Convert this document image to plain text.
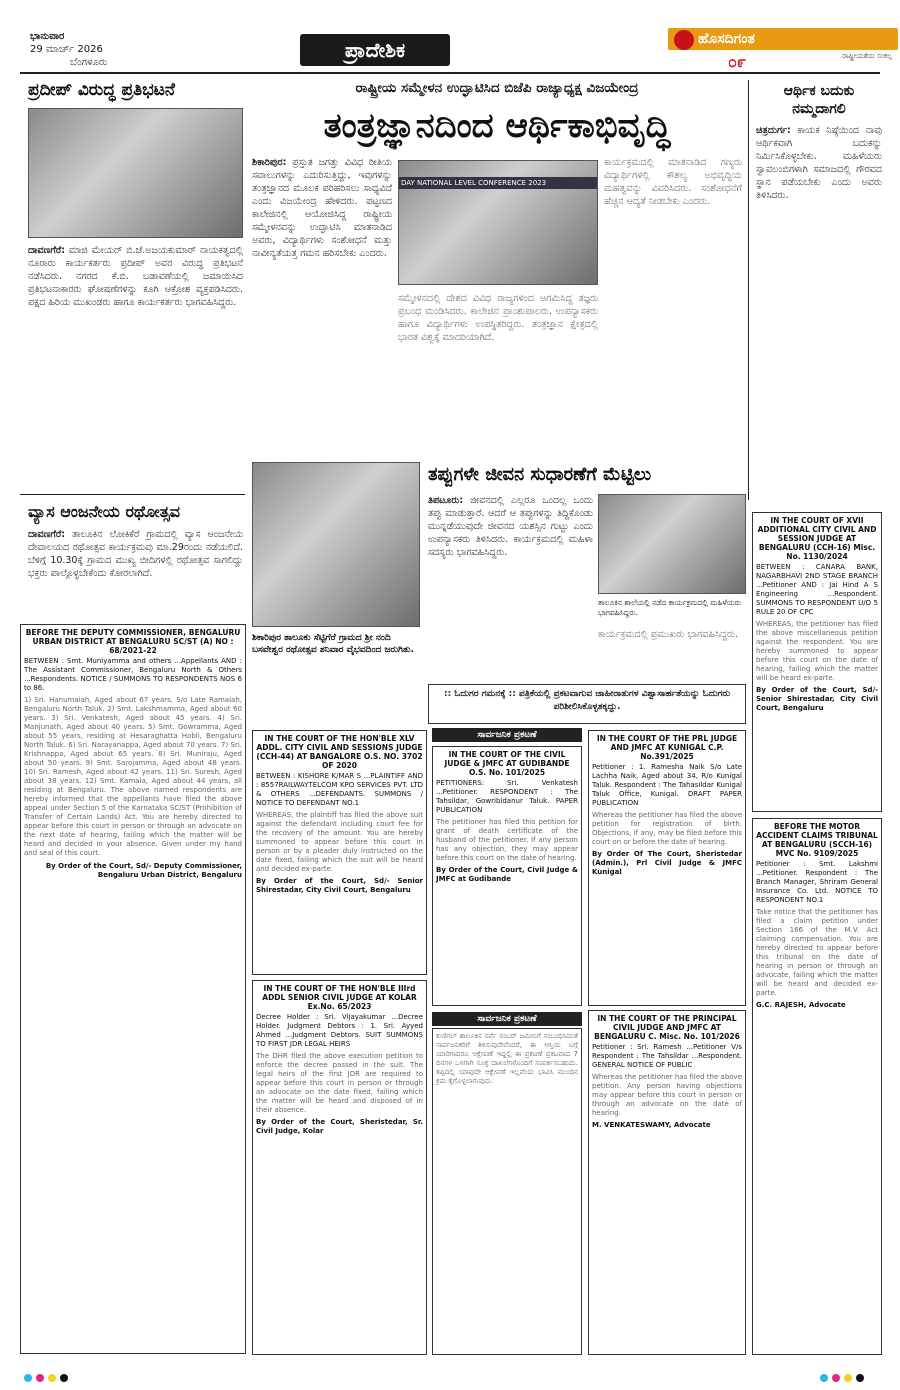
ಭಾನುವಾರ
29 ಮಾರ್ಚ್ 2026
ಬೆಂಗಳೂರು
ಪ್ರಾದೇಶಿಕ	ಹೊಸದಿಗಂತ
೦೯	ರಾಷ್ಟ್ರೀಯತೆಯ ಸಂಕಲ್ಪ
ಪ್ರದೀಪ್ ವಿರುದ್ಧ ಪ್ರತಿಭಟನೆ
ದಾವಣಗೆರೆ: ಮಾಜಿ ಮೇಯರ್ ಬಿ.ಜೆ.ಅಜಯಕುಮಾರ್ ನಾಯಕತ್ವದಲ್ಲಿ ನೂರಾರು ಕಾರ್ಯಕರ್ತರು ಪ್ರದೀಪ್ ಅವರ ವಿರುದ್ಧ ಪ್ರತಿಭಟನೆ ನಡೆಸಿದರು. ನಗರದ ಕೆ.ಬಿ. ಬಡಾವಣೆಯಲ್ಲಿ ಜಮಾಯಿಸಿದ ಪ್ರತಿಭಟನಾಕಾರರು ಘೋಷಣೆಗಳನ್ನು ಕೂಗಿ ಆಕ್ರೋಶ ವ್ಯಕ್ತಪಡಿಸಿದರು. ಪಕ್ಷದ ಹಿರಿಯ ಮುಖಂಡರು ಹಾಗೂ ಕಾರ್ಯಕರ್ತರು ಭಾಗವಹಿಸಿದ್ದರು.
ರಾಷ್ಟ್ರೀಯ ಸಮ್ಮೇಳನ ಉದ್ಘಾಟಿಸಿದ ಬಿಜೆಪಿ ರಾಜ್ಯಾಧ್ಯಕ್ಷ ವಿಜಯೇಂದ್ರ
ತಂತ್ರಜ್ಞಾನದಿಂದ ಆರ್ಥಿಕಾಭಿವೃದ್ಧಿ
ಶಿಕಾರಿಪುರ: ಪ್ರಸ್ತುತ ಜಗತ್ತು ವಿವಿಧ ರೀತಿಯ ಸವಾಲುಗಳನ್ನು ಎದುರಿಸುತ್ತಿದ್ದು, ಇವುಗಳನ್ನು ತಂತ್ರಜ್ಞಾನದ ಮೂಲಕ ಪರಿಹರಿಸಲು ಸಾಧ್ಯವಿದೆ ಎಂದು ವಿಜಯೇಂದ್ರ ಹೇಳಿದರು. ಪಟ್ಟಣದ ಕಾಲೇಜಿನಲ್ಲಿ ಆಯೋಜಿಸಿದ್ದ ರಾಷ್ಟ್ರೀಯ ಸಮ್ಮೇಳನವನ್ನು ಉದ್ಘಾಟಿಸಿ ಮಾತನಾಡಿದ ಅವರು, ವಿದ್ಯಾರ್ಥಿಗಳು ಸಂಶೋಧನೆ ಮತ್ತು ನಾವೀನ್ಯತೆಯತ್ತ ಗಮನ ಹರಿಸಬೇಕು ಎಂದರು.
DAY NATIONAL LEVEL CONFERENCE 2023
ಸಮ್ಮೇಳನದಲ್ಲಿ ದೇಶದ ವಿವಿಧ ರಾಜ್ಯಗಳಿಂದ ಆಗಮಿಸಿದ್ದ ತಜ್ಞರು ಪ್ರಬಂಧ ಮಂಡಿಸಿದರು. ಕಾಲೇಜಿನ ಪ್ರಾಂಶುಪಾಲರು, ಉಪನ್ಯಾಸಕರು ಹಾಗೂ ವಿದ್ಯಾರ್ಥಿಗಳು ಉಪಸ್ಥಿತರಿದ್ದರು. ತಂತ್ರಜ್ಞಾನ ಕ್ಷೇತ್ರದಲ್ಲಿ ಭಾರತ ವಿಶ್ವಕ್ಕೆ ಮಾದರಿಯಾಗಿದೆ.
ಕಾರ್ಯಕ್ರಮದಲ್ಲಿ ಮಾತನಾಡಿದ ಗಣ್ಯರು ವಿದ್ಯಾರ್ಥಿಗಳಲ್ಲಿ ಕೌಶಲ್ಯ ಅಭಿವೃದ್ಧಿಯ ಮಹತ್ವವನ್ನು ವಿವರಿಸಿದರು. ಸಂಶೋಧನೆಗೆ ಹೆಚ್ಚಿನ ಆದ್ಯತೆ ನೀಡಬೇಕು ಎಂದರು.
ಆರ್ಥಿಕ ಬದುಕು ನಮ್ಮದಾಗಲಿ
ಚಿತ್ರದುರ್ಗ: ಕಾಯಕ ನಿಷ್ಠೆಯಿಂದ ನಾವು ಆರ್ಥಿಕವಾಗಿ ಬದುಕನ್ನು ನಿರ್ಮಿಸಿಕೊಳ್ಳಬೇಕು. ಮಹಿಳೆಯರು ಸ್ವಾವಲಂಬಿಗಳಾಗಿ ಸಮಾಜದಲ್ಲಿ ಗೌರವದ ಸ್ಥಾನ ಪಡೆಯಬೇಕು ಎಂದು ಅವರು ತಿಳಿಸಿದರು.
ವ್ಯಾಸ ಆಂಜನೇಯ ರಥೋತ್ಸವ
ದಾವಣಗೆರೆ: ತಾಲೂಕಿನ ಲೋಕಿಕೆರೆ ಗ್ರಾಮದಲ್ಲಿ ವ್ಯಾಸ ಆಂಜನೇಯ ದೇವಾಲಯದ ರಥೋತ್ಸವ ಕಾರ್ಯಕ್ರಮವು ಮಾ.29ರಂದು ನಡೆಯಲಿದೆ. ಬೆಳಿಗ್ಗೆ 10.30ಕ್ಕೆ ಗ್ರಾಮದ ಮುಖ್ಯ ಬೀದಿಗಳಲ್ಲಿ ರಥೋತ್ಸವ ಸಾಗಲಿದ್ದು ಭಕ್ತರು ಪಾಲ್ಗೊಳ್ಳಬೇಕೆಂದು ಕೋರಲಾಗಿದೆ.
ಶಿಕಾರಿಪುರ ತಾಲೂಕು ಸೆಟ್ಟಿಗೆರೆ ಗ್ರಾಮದ ಶ್ರೀ ನಂದಿ ಬಸವೇಶ್ವರ ರಥೋತ್ಸವ ಶನಿವಾರ ವೈಭವದಿಂದ ಜರುಗಿತು.
ತಪ್ಪುಗಳೇ ಜೀವನ ಸುಧಾರಣೆಗೆ ಮೆಟ್ಟಿಲು
ತಿಪಟೂರು: ಜೀವನದಲ್ಲಿ ಎಲ್ಲರೂ ಒಂದಲ್ಲ ಒಂದು ತಪ್ಪು ಮಾಡುತ್ತಾರೆ. ಆದರೆ ಆ ತಪ್ಪುಗಳನ್ನು ತಿದ್ದಿಕೊಂಡು ಮುನ್ನಡೆಯುವುದೇ ಜೀವನದ ಯಶಸ್ಸಿನ ಗುಟ್ಟು ಎಂದು ಉಪನ್ಯಾಸಕರು ತಿಳಿಸಿದರು. ಕಾರ್ಯಕ್ರಮದಲ್ಲಿ ಮಹಿಳಾ ಸದಸ್ಯರು ಭಾಗವಹಿಸಿದ್ದರು.
ತಾಲೂಕಿನ ಶಾಲೆಯಲ್ಲಿ ನಡೆದ ಕಾರ್ಯಕ್ರಮದಲ್ಲಿ ಮಹಿಳೆಯರು ಭಾಗವಹಿಸಿದ್ದರು.
ಕಾರ್ಯಕ್ರಮದಲ್ಲಿ ಪ್ರಮುಖರು ಭಾಗವಹಿಸಿದ್ದರು.
:: ಓದುಗರ ಗಮನಕ್ಕೆ :: ಪತ್ರಿಕೆಯಲ್ಲಿ ಪ್ರಕಟವಾಗುವ ಜಾಹೀರಾತುಗಳ ವಿಶ್ವಾಸಾರ್ಹತೆಯನ್ನು ಓದುಗರು ಪರಿಶೀಲಿಸಿಕೊಳ್ಳತಕ್ಕದ್ದು.
BEFORE THE DEPUTY COMMISSIONER, BENGALURU URBAN DISTRICT AT BENGALURU SC/ST (A) NO : 68/2021-22
BETWEEN : Smt. Muniyamma and others ...Appellants AND : The Assistant Commissioner, Bengaluru North & Others ...Respondents. NOTICE / SUMMONS TO RESPONDENTS NOS 6 to 86.
1) Sri. Hanumaiah, Aged about 67 years, S/o Late Ramaiah, Bengaluru North Taluk. 2) Smt. Lakshmamma, Aged about 60 years. 3) Sri. Venkatesh, Aged about 45 years. 4) Sri. Manjunath, Aged about 40 years. 5) Smt. Gowramma, Aged about 55 years, residing at Hesaraghatta Hobli, Bengaluru North Taluk. 6) Sri. Narayanappa, Aged about 70 years. 7) Sri. Krishnappa, Aged about 65 years. 8) Sri. Muniraju, Aged about 50 years. 9) Smt. Sarojamma, Aged about 48 years. 10) Sri. Ramesh, Aged about 42 years. 11) Sri. Suresh, Aged about 38 years. 12) Smt. Kamala, Aged about 44 years, all residing at Bengaluru. The above named respondents are hereby informed that the appellants have filed the above appeal under Section 5 of the Karnataka SC/ST (Prohibition of Transfer of Certain Lands) Act. You are hereby directed to appear before this court in person or through an advocate on the next date of hearing, failing which the matter will be heard and decided in your absence. Given under my hand and seal of this court.
By Order of the Court, Sd/- Deputy Commissioner, Bengaluru Urban District, Bengaluru
ಸಾರ್ವಜನಿಕ ಪ್ರಕಟಣೆ
IN THE COURT OF THE HON'BLE XLV ADDL. CITY CIVIL AND SESSIONS JUDGE (CCH-44) AT BANGALORE O.S. NO. 3702 OF 2020
BETWEEN : KISHORE K/MAR S ...PLAINTIFF AND : 8557RAILWAYTELCOM KPO SERVICES PVT. LTD & OTHERS ...DEFENDANTS. SUMMONS / NOTICE TO DEFENDANT NO.1
WHEREAS, the plaintiff has filed the above suit against the defendant including court fee for the recovery of the amount. You are hereby summoned to appear before this court in person or by a pleader duly instructed on the date fixed, failing which the suit will be heard and decided ex-parte.
By Order of the Court, Sd/- Senior Shirestadar, City Civil Court, Bengaluru
IN THE COURT OF THE CIVIL JUDGE & JMFC AT GUDIBANDE O.S. No. 101/2025
PETITIONERS: Sri. Venkatesh ...Petitioner. RESPONDENT : The Tahsildar, Gowribidanur Taluk. PAPER PUBLICATION
The petitioner has filed this petition for grant of death certificate of the husband of the petitioner. If any person has any objection, they may appear before this court on the date of hearing.
By Order of the Court, Civil Judge & JMFC at Gudibande
IN THE COURT OF THE PRL JUDGE AND JMFC AT KUNIGAL C.P. No.391/2025
Petitioner : 1. Ramesha Naik S/o Late Lachha Naik, Aged about 34, R/o Kunigal Taluk. Respondent : The Tahasildar Kunigal Taluk Office, Kunigal. DRAFT PAPER PUBLICATION
Whereas the petitioner has filed the above petition for registration of birth. Objections, if any, may be filed before this court on or before the date of hearing.
By Order Of The Court, Sheristedar (Admin.), Prl Civil Judge & JMFC Kunigal
IN THE COURT OF XVII ADDITIONAL CITY CIVIL AND SESSION JUDGE AT BENGALURU (CCH-16) Misc. No. 1130/2024
BETWEEN : CANARA BANK, NAGARBHAVI 2ND STAGE BRANCH ...Petitioner AND : Jai Hind A S Engineering ...Respondent. SUMMONS TO RESPONDENT U/O 5 RULE 20 OF CPC
WHEREAS, the petitioner has filed the above miscellaneous petition against the respondent. You are hereby summoned to appear before this court on the date of hearing, failing which the matter will be heard ex-parte.
By Order of the Court, Sd/- Senior Shirestadar, City Civil Court, Bengaluru
IN THE COURT OF THE HON'BLE IIIrd ADDL SENIOR CIVIL JUDGE AT KOLAR Ex.No. 65/2023
Decree Holder : Sri. Vijayakumar ...Decree Holder. Judgment Debtors : 1. Sri. Ayyed Ahmed ...Judgment Debtors. SUIT SUMMONS TO FIRST JDR LEGAL HEIRS
The DHR filed the above execution petition to enforce the decree passed in the suit. The legal heirs of the first JDR are required to appear before this court in person or through an advocate on the date fixed, failing which the matter will be heard and disposed of in their absence.
By Order of the Court, Sheristedar, Sr. Civil Judge, Kolar
IN THE COURT OF THE PRINCIPAL CIVIL JUDGE AND JMFC AT BENGALURU C. Misc. No. 101/2026
Petitioner : Sri. Ramesh ...Petitioner V/s Respondent : The Tahsildar ...Respondent. GENERAL NOTICE OF PUBLIC
Whereas the petitioner has filed the above petition. Any person having objections may appear before this court in person or through an advocate on the date of hearing.
M. VENKATESWAMY, Advocate
BEFORE THE MOTOR ACCIDENT CLAIMS TRIBUNAL AT BENGALURU (SCCH-16) MVC No. 9109/2025
Petitioner : Smt. Lakshmi ...Petitioner. Respondent : The Branch Manager, Shriram General Insurance Co. Ltd. NOTICE TO RESPONDENT NO.1
Take notice that the petitioner has filed a claim petition under Section 166 of the M.V. Act claiming compensation. You are hereby directed to appear before this tribunal on the date of hearing in person or through an advocate, failing which the matter will be heard and decided ex-parte.
G.C. RAJESH, Advocate
ಸಾರ್ವಜನಿಕ ಪ್ರಕಟಣೆ
ಕುಣಿಗಲ್ ತಾಲೂಕಿನ ಸರ್ವೆ ನಂಬರ್ ಜಮೀನಿಗೆ ಸಂಬಂಧಿಸಿದಂತೆ ಸಾರ್ವಜನಿಕರಿಗೆ ತಿಳಿಸುವುದೇನೆಂದರೆ, ಈ ಆಸ್ತಿಯ ಬಗ್ಗೆ ಯಾರಿಗಾದರೂ ಆಕ್ಷೇಪಣೆ ಇದ್ದಲ್ಲಿ ಈ ಪ್ರಕಟಣೆ ಪ್ರಕಟವಾದ 7 ದಿನಗಳ ಒಳಗಾಗಿ ಸೂಕ್ತ ದಾಖಲೆಗಳೊಂದಿಗೆ ಸಂಪರ್ಕಿಸಬಹುದು. ತಪ್ಪಿದಲ್ಲಿ ಯಾವುದೇ ಆಕ್ಷೇಪಣೆ ಇಲ್ಲವೆಂದು ಭಾವಿಸಿ ಮುಂದಿನ ಕ್ರಮ ಕೈಗೊಳ್ಳಲಾಗುವುದು.
